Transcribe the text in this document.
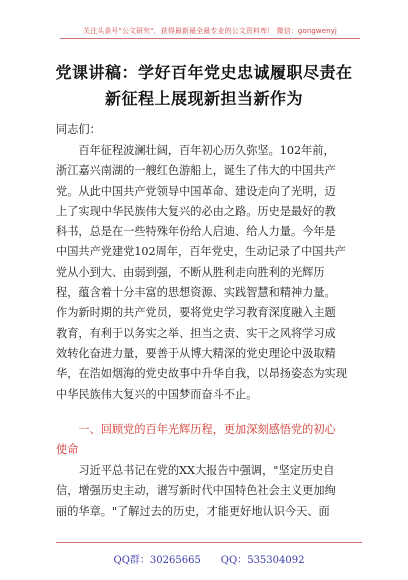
关注头条号"公文研究"，获得最新最全最专业的公文资料库！ 微信：gongwenyj
党课讲稿：学好百年党史忠诚履职尽责在
新征程上展现新担当新作为
同志们：
　　百年征程波澜壮阔，百年初心历久弥坚。102年前，
浙江嘉兴南湖的一艘红色游船上，诞生了伟大的中国共产
党。从此中国共产党领导中国革命、建设走向了光明，迈
上了实现中华民族伟大复兴的必由之路。历史是最好的教
科书，总是在一些特殊年份给人启迪、给人力量。今年是
中国共产党建党102周年，百年党史，生动记录了中国共产
党从小到大、由弱到强，不断从胜利走向胜利的光辉历
程，蕴含着十分丰富的思想资源、实践智慧和精神力量。
作为新时期的共产党员，要将党史学习教育深度融入主题
教育，有利于以务实之举、担当之责、实干之风将学习成
效转化奋进力量，要善于从博大精深的党史理论中汲取精
华，在浩如烟海的党史故事中升华自我，以昂扬姿态为实现
中华民族伟大复兴的中国梦而奋斗不止。
　　一、回顾党的百年光辉历程，更加深刻感悟党的初心
使命
　　习近平总书记在党的XX大报告中强调，"坚定历史自
信，增强历史主动，谱写新时代中国特色社会主义更加绚
丽的华章。"了解过去的历史，才能更好地认识今天、面
QQ群：30265665　　QQ：535304092
